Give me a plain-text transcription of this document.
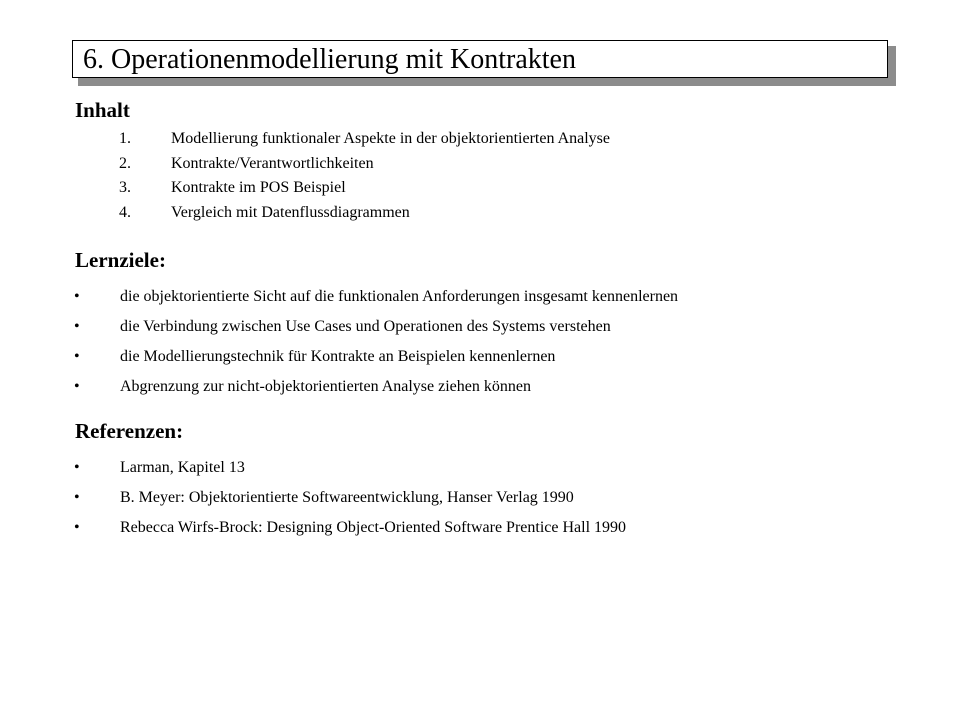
6. Operationenmodellierung mit Kontrakten
Inhalt
1.	Modellierung funktionaler Aspekte in der objektorientierten Analyse
2.	Kontrakte/Verantwortlichkeiten
3.	Kontrakte im POS Beispiel
4.	Vergleich mit Datenflussdiagrammen
Lernziele:
•	die objektorientierte Sicht auf die funktionalen Anforderungen insgesamt kennenlernen
•	die Verbindung zwischen Use Cases und Operationen des Systems verstehen
•	die Modellierungstechnik für Kontrakte an Beispielen kennenlernen
•	Abgrenzung zur nicht-objektorientierten Analyse ziehen können
Referenzen:
•	Larman, Kapitel 13
•	B. Meyer: Objektorientierte Softwareentwicklung, Hanser Verlag 1990
•	Rebecca Wirfs-Brock: Designing Object-Oriented Software Prentice Hall 1990
